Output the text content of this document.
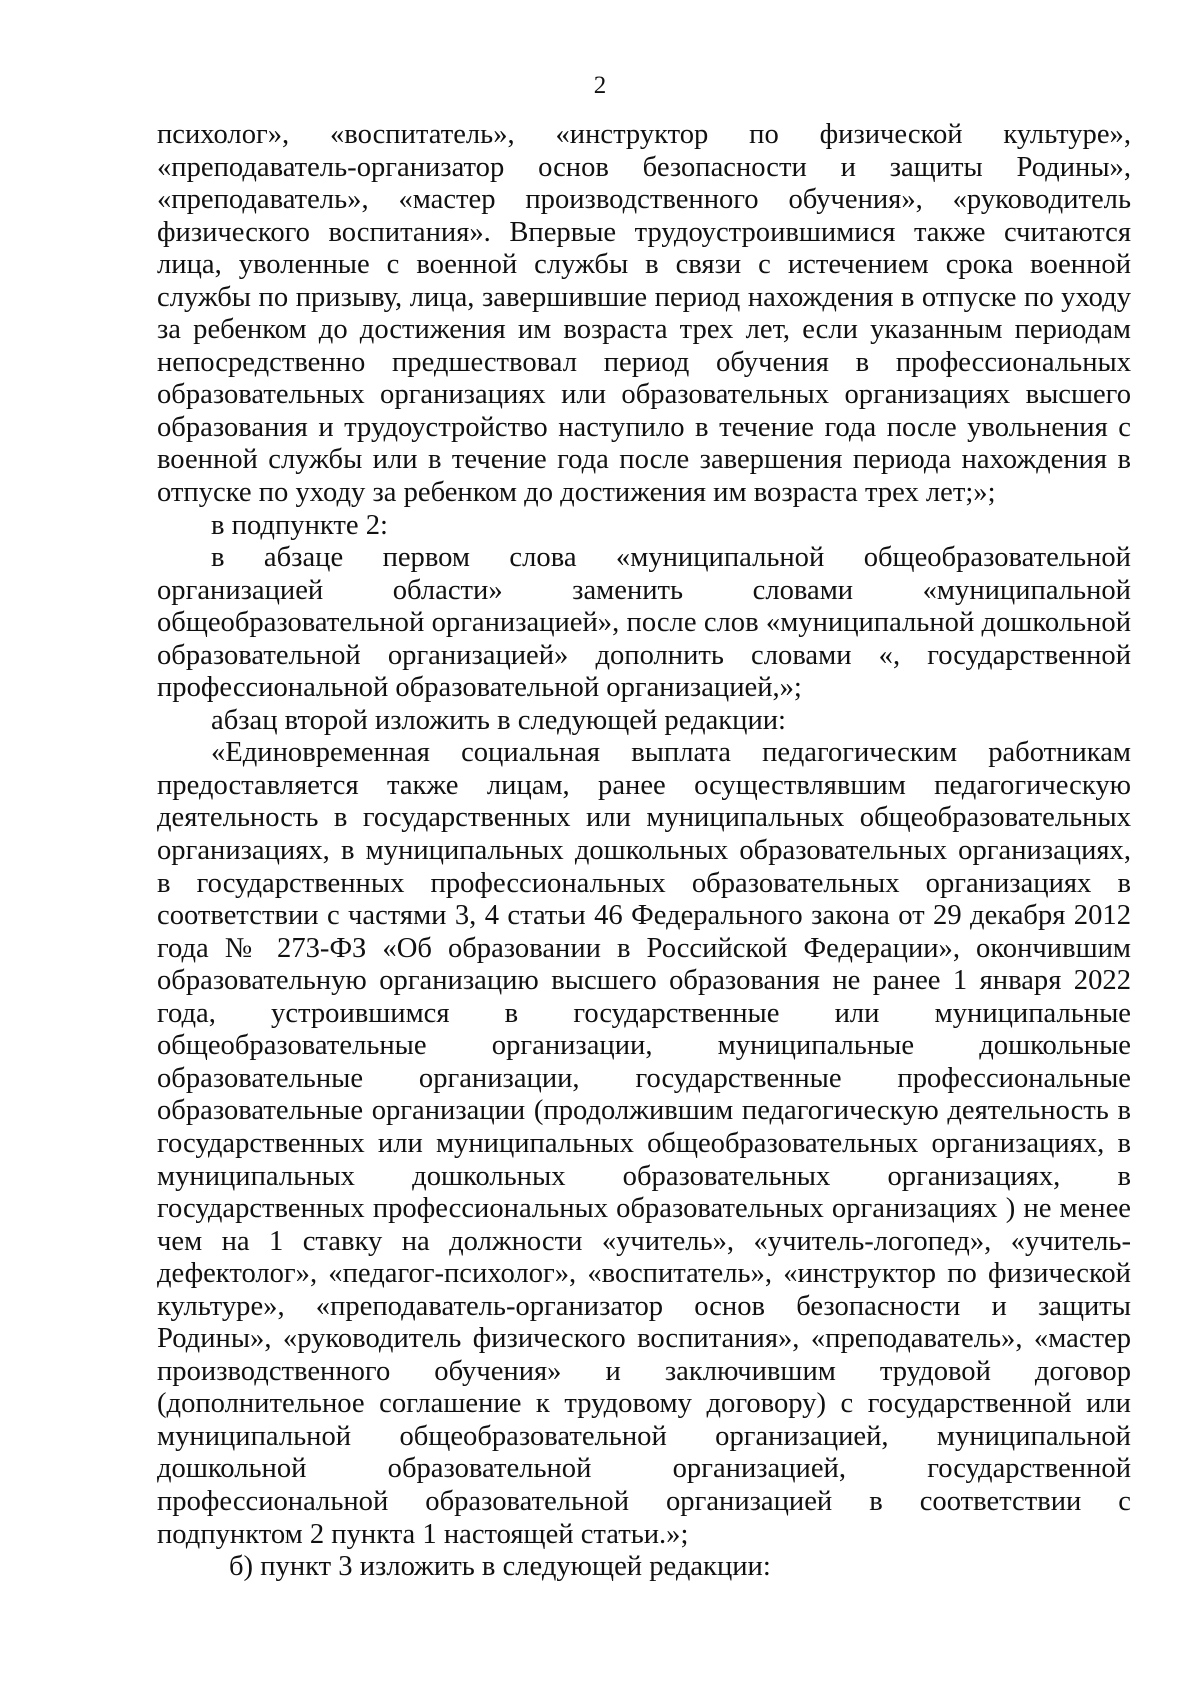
2

психолог», «воспитатель», «инструктор по физической культуре», «преподаватель-организатор основ безопасности и защиты Родины», «преподаватель», «мастер производственного обучения», «руководитель физического воспитания». Впервые трудоустроившимися также считаются лица, уволенные с военной службы в связи с истечением срока военной службы по призыву, лица, завершившие период нахождения в отпуске по уходу за ребенком до достижения им возраста трех лет, если указанным периодам непосредственно предшествовал период обучения в профессиональных образовательных организациях или образовательных организациях высшего образования и трудоустройство наступило в течение года после увольнения с военной службы или в течение года после завершения периода нахождения в отпуске по уходу за ребенком до достижения им возраста трех лет;»;

в подпункте 2:

в абзаце первом слова «муниципальной общеобразовательной организацией области» заменить словами «муниципальной общеобразовательной организацией», после слов «муниципальной дошкольной образовательной организацией» дополнить словами «, государственной профессиональной образовательной организацией,»;

абзац второй изложить в следующей редакции:

«Единовременная социальная выплата педагогическим работникам предоставляется также лицам, ранее осуществлявшим педагогическую деятельность в государственных или муниципальных общеобразовательных организациях, в муниципальных дошкольных образовательных организациях, в государственных профессиональных образовательных организациях в соответствии с частями 3, 4 статьи 46 Федерального закона от 29 декабря 2012 года № 273-ФЗ «Об образовании в Российской Федерации», окончившим образовательную организацию высшего образования не ранее 1 января 2022 года, устроившимся в государственные или муниципальные общеобразовательные организации, муниципальные дошкольные образовательные организации, государственные профессиональные образовательные организации (продолжившим педагогическую деятельность в государственных или муниципальных общеобразовательных организациях, в муниципальных дошкольных образовательных организациях, в государственных профессиональных образовательных организациях ) не менее чем на 1 ставку на должности «учитель», «учитель-логопед», «учитель-дефектолог», «педагог-психолог», «воспитатель», «инструктор по физической культуре», «преподаватель-организатор основ безопасности и защиты Родины», «руководитель физического воспитания», «преподаватель», «мастер производственного обучения» и заключившим трудовой договор (дополнительное соглашение к трудовому договору) с государственной или муниципальной общеобразовательной организацией, муниципальной дошкольной образовательной организацией, государственной профессиональной образовательной организацией в соответствии с подпунктом 2 пункта 1 настоящей статьи.»;

б) пункт 3 изложить в следующей редакции:
